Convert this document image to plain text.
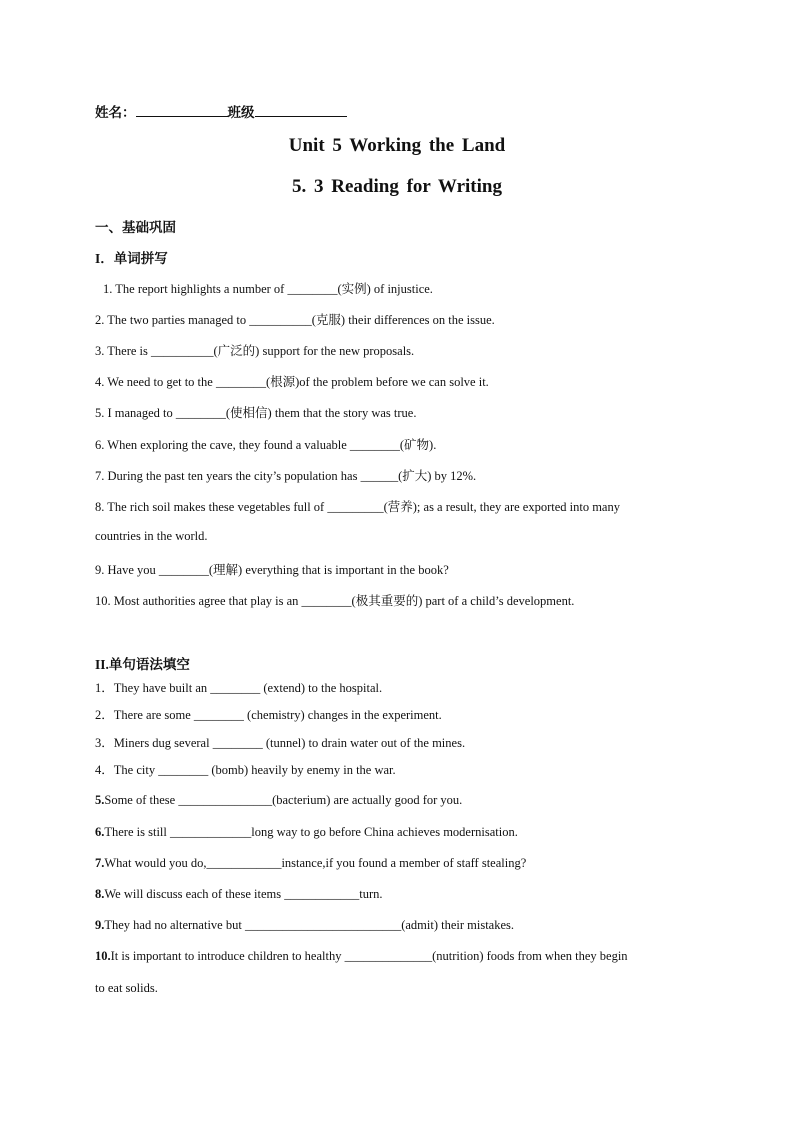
姓名：	班级
Unit 5 Working the Land
5. 3 Reading for Writing
一、基础巩固
I．单词拼写
1. The report highlights a number of ________(实例) of injustice.
2. The two parties managed to __________(克服) their differences on the issue.
3. There is __________(广泛的) support for the new proposals.
4. We need to get to the ________(根源)of the problem before we can solve it.
5. I managed to ________(使相信) them that the story was true.
6. When exploring the cave, they found a valuable ________(矿物).
7. During the past ten years the city’s population has ______(扩大) by 12%.
8. The rich soil makes these vegetables full of _________(营养); as a result, they are exported into many
countries in the world.
9. Have you ________(理解) everything that is important in the book?
10. Most authorities agree that play is an ________(极其重要的) part of a child’s development.
II.单句语法填空
1．They have built an ________ (extend) to the hospital.
2．There are some ________ (chemistry) changes in the experiment.
3．Miners dug several ________ (tunnel) to drain water out of the mines.
4．The city ________ (bomb) heavily by enemy in the war.
5.Some of these _______________(bacterium) are actually good for you.
6.There is still _____________long way to go before China achieves modernisation.
7.What would you do,____________instance,if you found a member of staff stealing?
8.We will discuss each of these items ____________turn.
9.They had no alternative but _________________________(admit) their mistakes.
10.It is important to introduce children to healthy ______________(nutrition) foods from when they begin
to eat solids.
